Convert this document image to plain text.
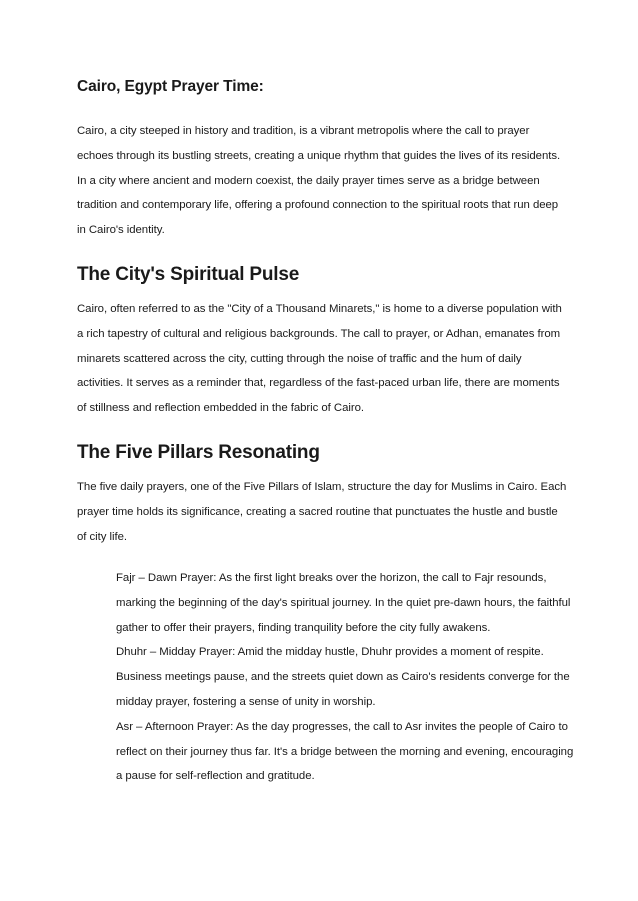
Cairo, Egypt Prayer Time:

Cairo, a city steeped in history and tradition, is a vibrant metropolis where the call to prayer echoes through its bustling streets, creating a unique rhythm that guides the lives of its residents. In a city where ancient and modern coexist, the daily prayer times serve as a bridge between tradition and contemporary life, offering a profound connection to the spiritual roots that run deep in Cairo's identity.

The City's Spiritual Pulse

Cairo, often referred to as the "City of a Thousand Minarets," is home to a diverse population with a rich tapestry of cultural and religious backgrounds. The call to prayer, or Adhan, emanates from minarets scattered across the city, cutting through the noise of traffic and the hum of daily activities. It serves as a reminder that, regardless of the fast-paced urban life, there are moments of stillness and reflection embedded in the fabric of Cairo.

The Five Pillars Resonating

The five daily prayers, one of the Five Pillars of Islam, structure the day for Muslims in Cairo. Each prayer time holds its significance, creating a sacred routine that punctuates the hustle and bustle of city life.

Fajr – Dawn Prayer: As the first light breaks over the horizon, the call to Fajr resounds, marking the beginning of the day's spiritual journey. In the quiet pre-dawn hours, the faithful gather to offer their prayers, finding tranquility before the city fully awakens.
Dhuhr – Midday Prayer: Amid the midday hustle, Dhuhr provides a moment of respite. Business meetings pause, and the streets quiet down as Cairo's residents converge for the midday prayer, fostering a sense of unity in worship.
Asr – Afternoon Prayer: As the day progresses, the call to Asr invites the people of Cairo to reflect on their journey thus far. It's a bridge between the morning and evening, encouraging a pause for self-reflection and gratitude.
